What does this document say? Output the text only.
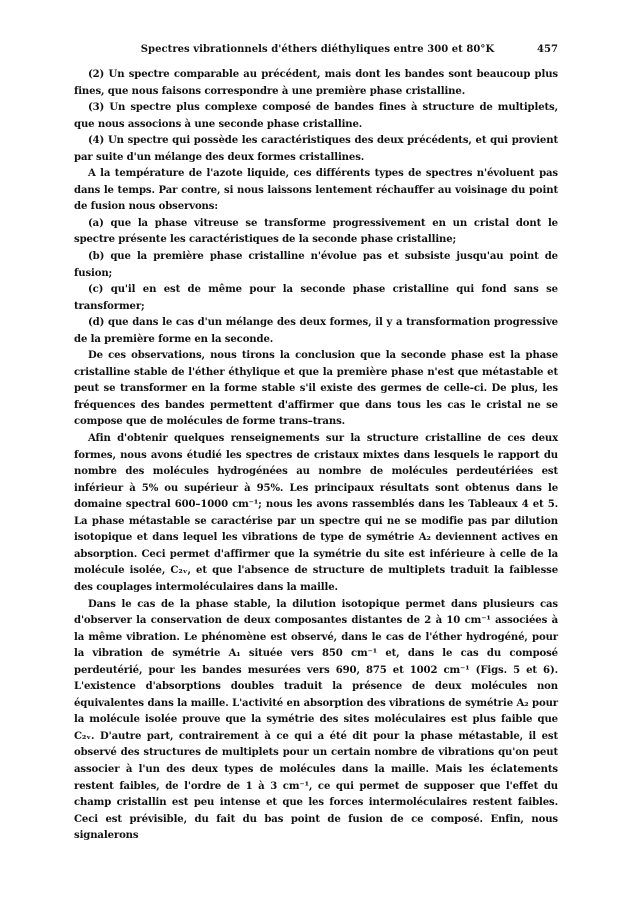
Spectres vibrationnels d'éthers diéthyliques entre 300 et 80°K	457

(2) Un spectre comparable au précédent, mais dont les bandes sont beaucoup plus fines, que nous faisons correspondre à une première phase cristalline.

(3) Un spectre plus complexe composé de bandes fines à structure de multiplets, que nous associons à une seconde phase cristalline.

(4) Un spectre qui possède les caractéristiques des deux précédents, et qui provient par suite d'un mélange des deux formes cristallines.

A la température de l'azote liquide, ces différents types de spectres n'évoluent pas dans le temps. Par contre, si nous laissons lentement réchauffer au voisinage du point de fusion nous observons:

(a) que la phase vitreuse se transforme progressivement en un cristal dont le spectre présente les caractéristiques de la seconde phase cristalline;

(b) que la première phase cristalline n'évolue pas et subsiste jusqu'au point de fusion;

(c) qu'il en est de même pour la seconde phase cristalline qui fond sans se transformer;

(d) que dans le cas d'un mélange des deux formes, il y a transformation progressive de la première forme en la seconde.

De ces observations, nous tirons la conclusion que la seconde phase est la phase cristalline stable de l'éther éthylique et que la première phase n'est que métastable et peut se transformer en la forme stable s'il existe des germes de celle-ci. De plus, les fréquences des bandes permettent d'affirmer que dans tous les cas le cristal ne se compose que de molécules de forme trans–trans.

Afin d'obtenir quelques renseignements sur la structure cristalline de ces deux formes, nous avons étudié les spectres de cristaux mixtes dans lesquels le rapport du nombre des molécules hydrogénées au nombre de molécules perdeutériées est inférieur à 5% ou supérieur à 95%. Les principaux résultats sont obtenus dans le domaine spectral 600–1000 cm⁻¹; nous les avons rassemblés dans les Tableaux 4 et 5. La phase métastable se caractérise par un spectre qui ne se modifie pas par dilution isotopique et dans lequel les vibrations de type de symétrie A₂ deviennent actives en absorption. Ceci permet d'affirmer que la symétrie du site est inférieure à celle de la molécule isolée, C₂ᵥ, et que l'absence de structure de multiplets traduit la faiblesse des couplages intermoléculaires dans la maille.

Dans le cas de la phase stable, la dilution isotopique permet dans plusieurs cas d'observer la conservation de deux composantes distantes de 2 à 10 cm⁻¹ associées à la même vibration. Le phénomène est observé, dans le cas de l'éther hydrogéné, pour la vibration de symétrie A₁ située vers 850 cm⁻¹ et, dans le cas du composé perdeutérié, pour les bandes mesurées vers 690, 875 et 1002 cm⁻¹ (Figs. 5 et 6). L'existence d'absorptions doubles traduit la présence de deux molécules non équivalentes dans la maille. L'activité en absorption des vibrations de symétrie A₂ pour la molécule isolée prouve que la symétrie des sites moléculaires est plus faible que C₂ᵥ. D'autre part, contrairement à ce qui a été dit pour la phase métastable, il est observé des structures de multiplets pour un certain nombre de vibrations qu'on peut associer à l'un des deux types de molécules dans la maille. Mais les éclatements restent faibles, de l'ordre de 1 à 3 cm⁻¹, ce qui permet de supposer que l'effet du champ cristallin est peu intense et que les forces intermoléculaires restent faibles. Ceci est prévisible, du fait du bas point de fusion de ce composé. Enfin, nous signalerons
